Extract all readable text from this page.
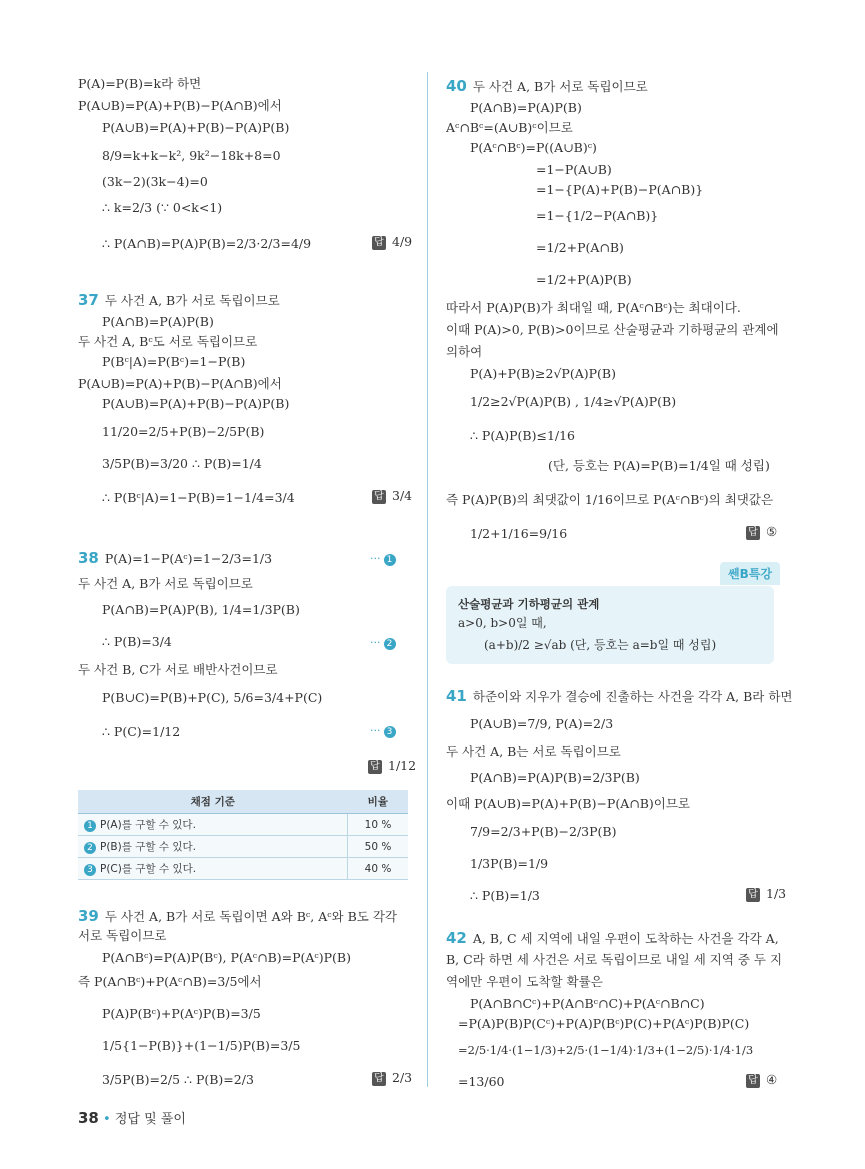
P(A)=P(B)=k라 하면
P(A∪B)=P(A)+P(B)−P(A∩B)에서
P(A∪B)=P(A)+P(B)−P(A)P(B)
8/9=k+k−k², 9k²−18k+8=0
(3k−2)(3k−4)=0
∴ k=2/3 (∵ 0<k<1)
∴ P(A∩B)=P(A)P(B)=2/3·2/3=4/9	답 4/9
37 두 사건 A, B가 서로 독립이므로
P(A∩B)=P(A)P(B)
두 사건 A, Bᶜ도 서로 독립이므로
P(Bᶜ|A)=P(Bᶜ)=1−P(B)
P(A∪B)=P(A)+P(B)−P(A∩B)에서
P(A∪B)=P(A)+P(B)−P(A)P(B)
11/20=2/5+P(B)−2/5P(B)
3/5P(B)=3/20 ∴ P(B)=1/4
∴ P(Bᶜ|A)=1−P(B)=1−1/4=3/4	답 3/4
38 P(A)=1−P(Aᶜ)=1−2/3=1/3	··· 1
두 사건 A, B가 서로 독립이므로
P(A∩B)=P(A)P(B), 1/4=1/3P(B)
∴ P(B)=3/4	··· 2
두 사건 B, C가 서로 배반사건이므로
P(B∪C)=P(B)+P(C), 5/6=3/4+P(C)
∴ P(C)=1/12	··· 3
답 1/12
채점 기준	비율
1 P(A)를 구할 수 있다.	10 %
2 P(B)를 구할 수 있다.	50 %
3 P(C)를 구할 수 있다.	40 %
39 두 사건 A, B가 서로 독립이면 A와 Bᶜ, Aᶜ와 B도 각각
서로 독립이므로
P(A∩Bᶜ)=P(A)P(Bᶜ), P(Aᶜ∩B)=P(Aᶜ)P(B)
즉 P(A∩Bᶜ)+P(Aᶜ∩B)=3/5에서
P(A)P(Bᶜ)+P(Aᶜ)P(B)=3/5
1/5{1−P(B)}+(1−1/5)P(B)=3/5
3/5P(B)=2/5 ∴ P(B)=2/3	답 2/3
40 두 사건 A, B가 서로 독립이므로
P(A∩B)=P(A)P(B)
Aᶜ∩Bᶜ=(A∪B)ᶜ이므로
P(Aᶜ∩Bᶜ)=P((A∪B)ᶜ)
=1−P(A∪B)
=1−{P(A)+P(B)−P(A∩B)}
=1−{1/2−P(A∩B)}
=1/2+P(A∩B)
=1/2+P(A)P(B)
따라서 P(A)P(B)가 최대일 때, P(Aᶜ∩Bᶜ)는 최대이다.
이때 P(A)>0, P(B)>0이므로 산술평균과 기하평균의 관계에
의하여
P(A)+P(B)≥2√P(A)P(B)
1/2≥2√P(A)P(B) , 1/4≥√P(A)P(B)
∴ P(A)P(B)≤1/16
(단, 등호는 P(A)=P(B)=1/4일 때 성립)
즉 P(A)P(B)의 최댓값이 1/16이므로 P(Aᶜ∩Bᶜ)의 최댓값은
1/2+1/16=9/16	답 ⑤
쎈B특강
산술평균과 기하평균의 관계
a>0, b>0일 때,
(a+b)/2 ≥√ab (단, 등호는 a=b일 때 성립)
41 하준이와 지우가 결승에 진출하는 사건을 각각 A, B라 하면
P(A∪B)=7/9, P(A)=2/3
두 사건 A, B는 서로 독립이므로
P(A∩B)=P(A)P(B)=2/3P(B)
이때 P(A∪B)=P(A)+P(B)−P(A∩B)이므로
7/9=2/3+P(B)−2/3P(B)
1/3P(B)=1/9
∴ P(B)=1/3	답 1/3
42 A, B, C 세 지역에 내일 우편이 도착하는 사건을 각각 A,
B, C라 하면 세 사건은 서로 독립이므로 내일 세 지역 중 두 지
역에만 우편이 도착할 확률은
P(A∩B∩Cᶜ)+P(A∩Bᶜ∩C)+P(Aᶜ∩B∩C)
=P(A)P(B)P(Cᶜ)+P(A)P(Bᶜ)P(C)+P(Aᶜ)P(B)P(C)
=2/5·1/4·(1−1/3)+2/5·(1−1/4)·1/3+(1−2/5)·1/4·1/3
=13/60	답 ④
38 • 정답 및 풀이
